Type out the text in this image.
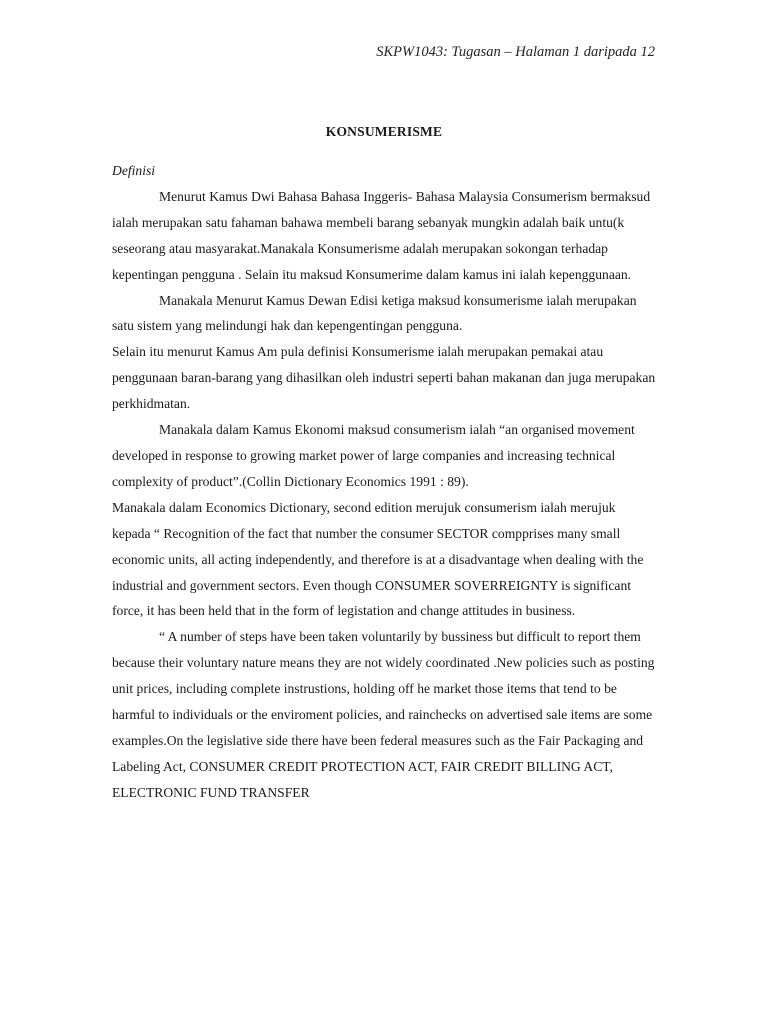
SKPW1043: Tugasan – Halaman 1 daripada 12
KONSUMERISME

Definisi

Menurut Kamus Dwi Bahasa Bahasa Inggeris- Bahasa Malaysia Consumerism bermaksud ialah merupakan satu fahaman bahawa membeli barang sebanyak mungkin adalah baik untu(k seseorang atau masyarakat.Manakala Konsumerisme adalah merupakan sokongan terhadap kepentingan pengguna . Selain itu maksud Konsumerime dalam kamus ini ialah kepenggunaan.

Manakala Menurut Kamus Dewan Edisi ketiga maksud konsumerisme ialah merupakan satu sistem yang melindungi hak dan kepengentingan pengguna.

Selain itu menurut Kamus Am pula definisi Konsumerisme ialah merupakan pemakai atau penggunaan baran-barang yang dihasilkan oleh industri seperti bahan makanan dan juga merupakan perkhidmatan.

Manakala dalam Kamus Ekonomi maksud consumerism ialah “an organised movement developed in response to growing market power of large companies and increasing technical complexity of product”.(Collin Dictionary Economics 1991 : 89).

Manakala dalam Economics Dictionary, second edition merujuk consumerism ialah merujuk kepada “ Recognition of the fact that number the consumer SECTOR compprises many small economic units, all acting independently, and therefore is at a disadvantage when dealing with the industrial and government sectors. Even though CONSUMER SOVERREIGNTY is significant force, it has been held that in the form of legistation and change attitudes in business.

“ A number of steps have been taken voluntarily by bussiness but difficult to report them because their voluntary nature means they are not widely coordinated .New policies such as posting unit prices, including complete instrustions, holding off he market those items that tend to be harmful to individuals or the enviroment policies, and rainchecks on advertised sale items are some examples.On the legislative side there have been federal measures such as the Fair Packaging and Labeling Act, CONSUMER CREDIT PROTECTION ACT, FAIR CREDIT BILLING ACT, ELECTRONIC FUND TRANSFER
